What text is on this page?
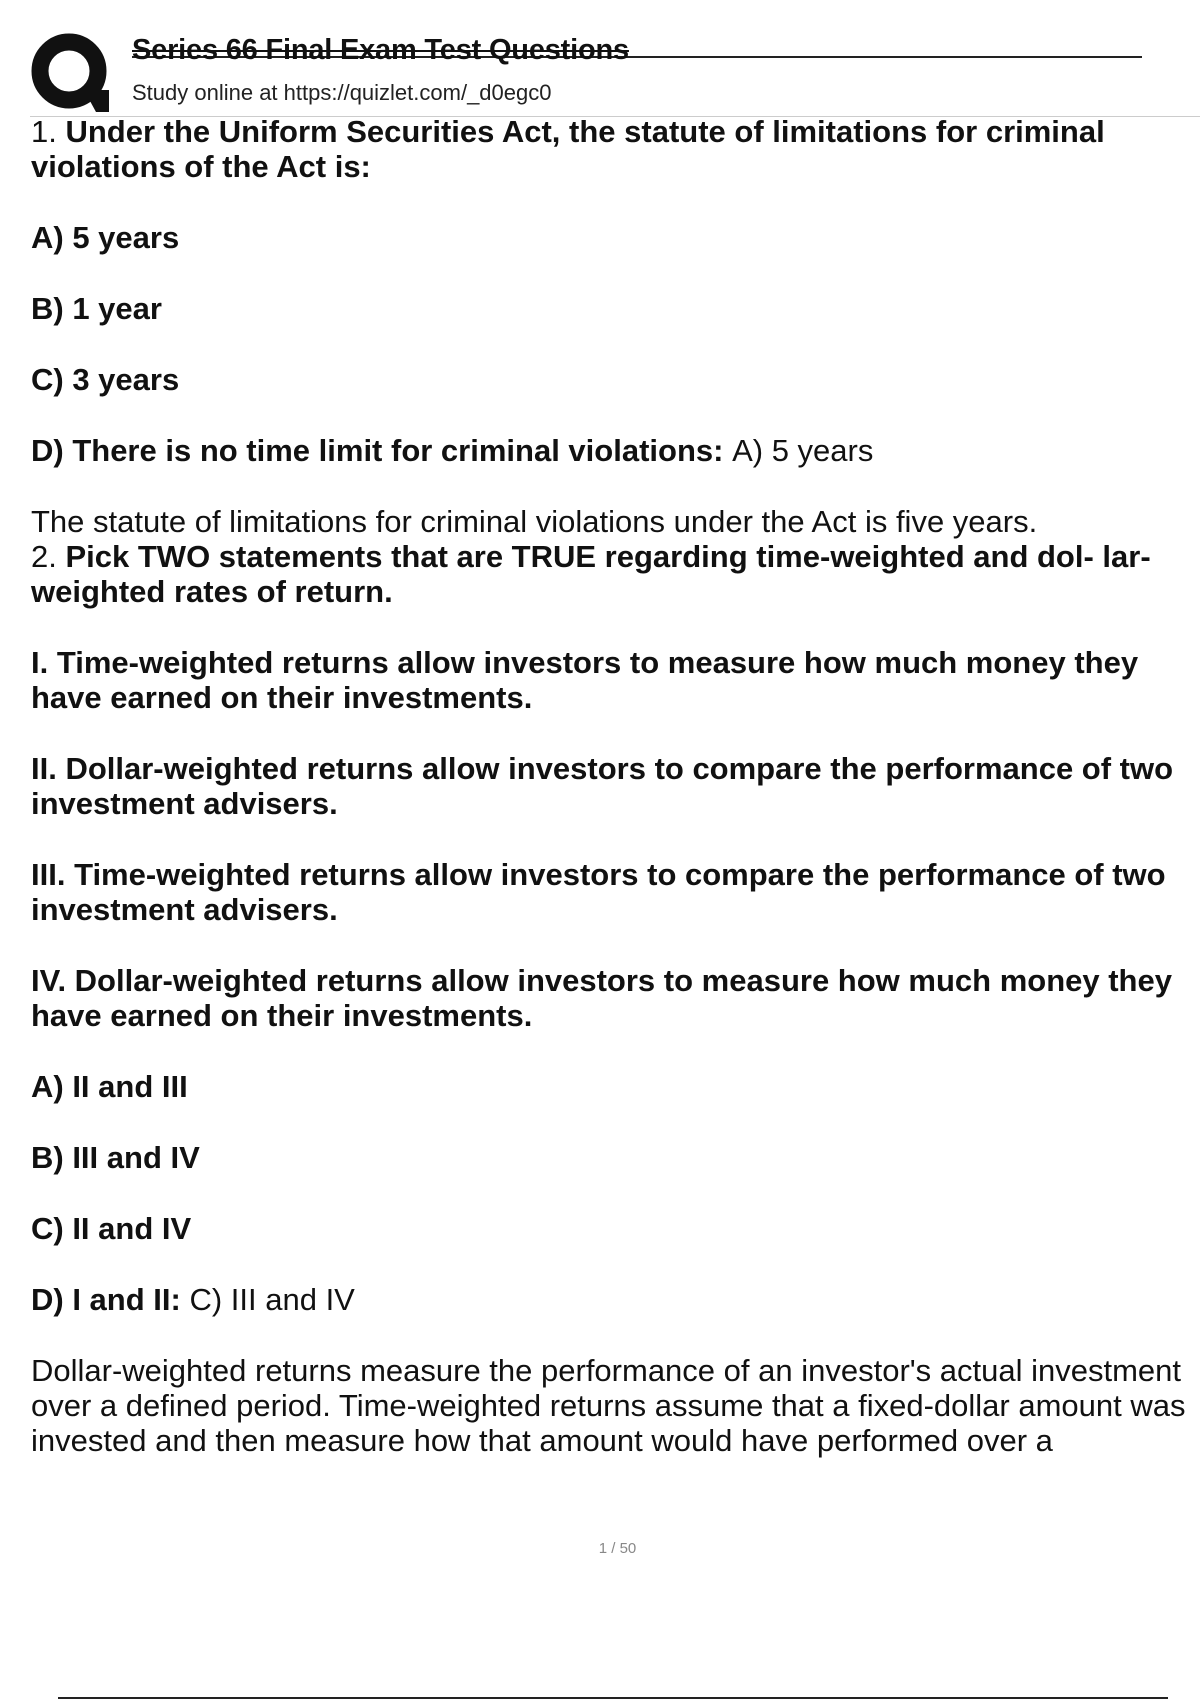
Series 66 Final Exam Test Questions
Study online at https://quizlet.com/_d0egc0

1. Under the Uniform Securities Act, the statute of limitations for criminal violations of the Act is:

A) 5 years

B) 1 year

C) 3 years

D) There is no time limit for criminal violations: A) 5 years

The statute of limitations for criminal violations under the Act is five years.

2. Pick TWO statements that are TRUE regarding time-weighted and dol- lar-weighted rates of return.

I. Time-weighted returns allow investors to measure how much money they have earned on their investments.

II. Dollar-weighted returns allow investors to compare the performance of two investment advisers.

III. Time-weighted returns allow investors to compare the performance of two investment advisers.

IV. Dollar-weighted returns allow investors to measure how much money they have earned on their investments.

A) II and III

B) III and IV

C) II and IV

D) I and II: C) III and IV

Dollar-weighted returns measure the performance of an investor's actual investment over a defined period. Time-weighted returns assume that a fixed-dollar amount was invested and then measure how that amount would have performed over a

1 / 50
